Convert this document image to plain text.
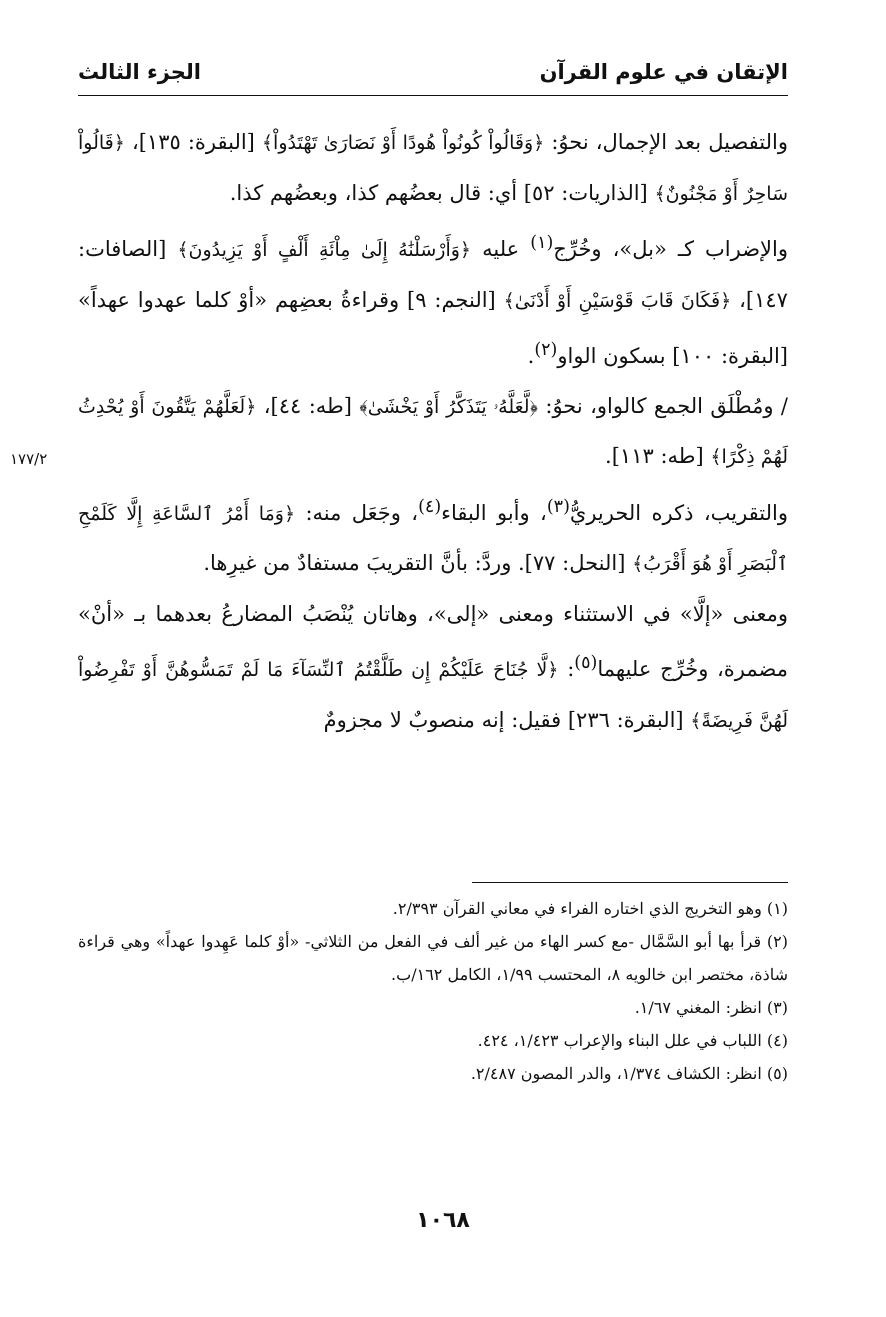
الإتقان في علوم القرآن
الجزء الثالث

والتفصيل بعد الإجمال، نحوُ: ﴿وَقَالُواْ كُونُواْ هُودًا أَوْ نَصَارَىٰ تَهْتَدُواْ﴾ [البقرة: ١٣٥]، ﴿قَالُواْ سَاحِرٌ أَوْ مَجْنُونٌ﴾ [الذاريات: ٥٢] أي: قال بعضُهم كذا، وبعضُهم كذا.

والإضراب كـ «بل»، وخُرِّج$^{(١)}$ عليه ﴿وَأَرْسَلْنَٰهُ إِلَىٰ مِاْئَةِ أَلْفٍ أَوْ يَزِيدُونَ﴾ [الصافات: ١٤٧]، ﴿فَكَانَ قَابَ قَوْسَيْنِ أَوْ أَدْنَىٰ﴾ [النجم: ٩] وقراءةُ بعضِهم «أوْ كلما عهدوا عهداً» [البقرة: ١٠٠] بسكون الواو$^{(٢)}$.

/ ومُطْلَق الجمع كالواو، نحوُ: ﴿لَّعَلَّهُۥ يَتَذَكَّرُ أَوْ يَخْشَىٰ﴾ [طه: ٤٤]، ﴿لَعَلَّهُمْ يَتَّقُونَ أَوْ يُحْدِثُ لَهُمْ ذِكْرًا﴾ [طه: ١١٣].

والتقريب، ذكره الحريريُّ$^{(٣)}$، وأبو البقاء$^{(٤)}$، وجَعَل منه: ﴿وَمَا أَمْرُ ٱلسَّاعَةِ إِلَّا كَلَمْحِ ٱلْبَصَرِ أَوْ هُوَ أَقْرَبُ﴾ [النحل: ٧٧]. وردَّ: بأنَّ التقريبَ مستفادٌ من غيرِها.

ومعنى «إلَّا» في الاستثناء ومعنى «إلى»، وهاتان يُنْصَبُ المضارعُ بعدهما بـ «أنْ» مضمرة، وخُرِّج عليهما$^{(٥)}$: ﴿لَّا جُنَاحَ عَلَيْكُمْ إِن طَلَّقْتُمُ ٱلنِّسَآءَ مَا لَمْ تَمَسُّوهُنَّ أَوْ تَفْرِضُواْ لَهُنَّ فَرِيضَةً﴾ [البقرة: ٢٣٦] فقيل: إنه منصوبٌ لا مجزومٌ

١٧٧/٢

(١) وهو التخريج الذي اختاره الفراء في معاني القرآن ٢/٣٩٣.

(٢) قرأ بها أبو السَّمَّال -مع كسر الهاء من غير ألف في الفعل من الثلاثي- «أوْ كلما عَهِدوا عهداً» وهي قراءة شاذة، مختصر ابن خالويه ٨، المحتسب ١/٩٩، الكامل ١٦٢/ب.

(٣) انظر: المغني ١/٦٧.

(٤) اللباب في علل البناء والإعراب ١/٤٢٣، ٤٢٤.

(٥) انظر: الكشاف ١/٣٧٤، والدر المصون ٢/٤٨٧.

١٠٦٨
